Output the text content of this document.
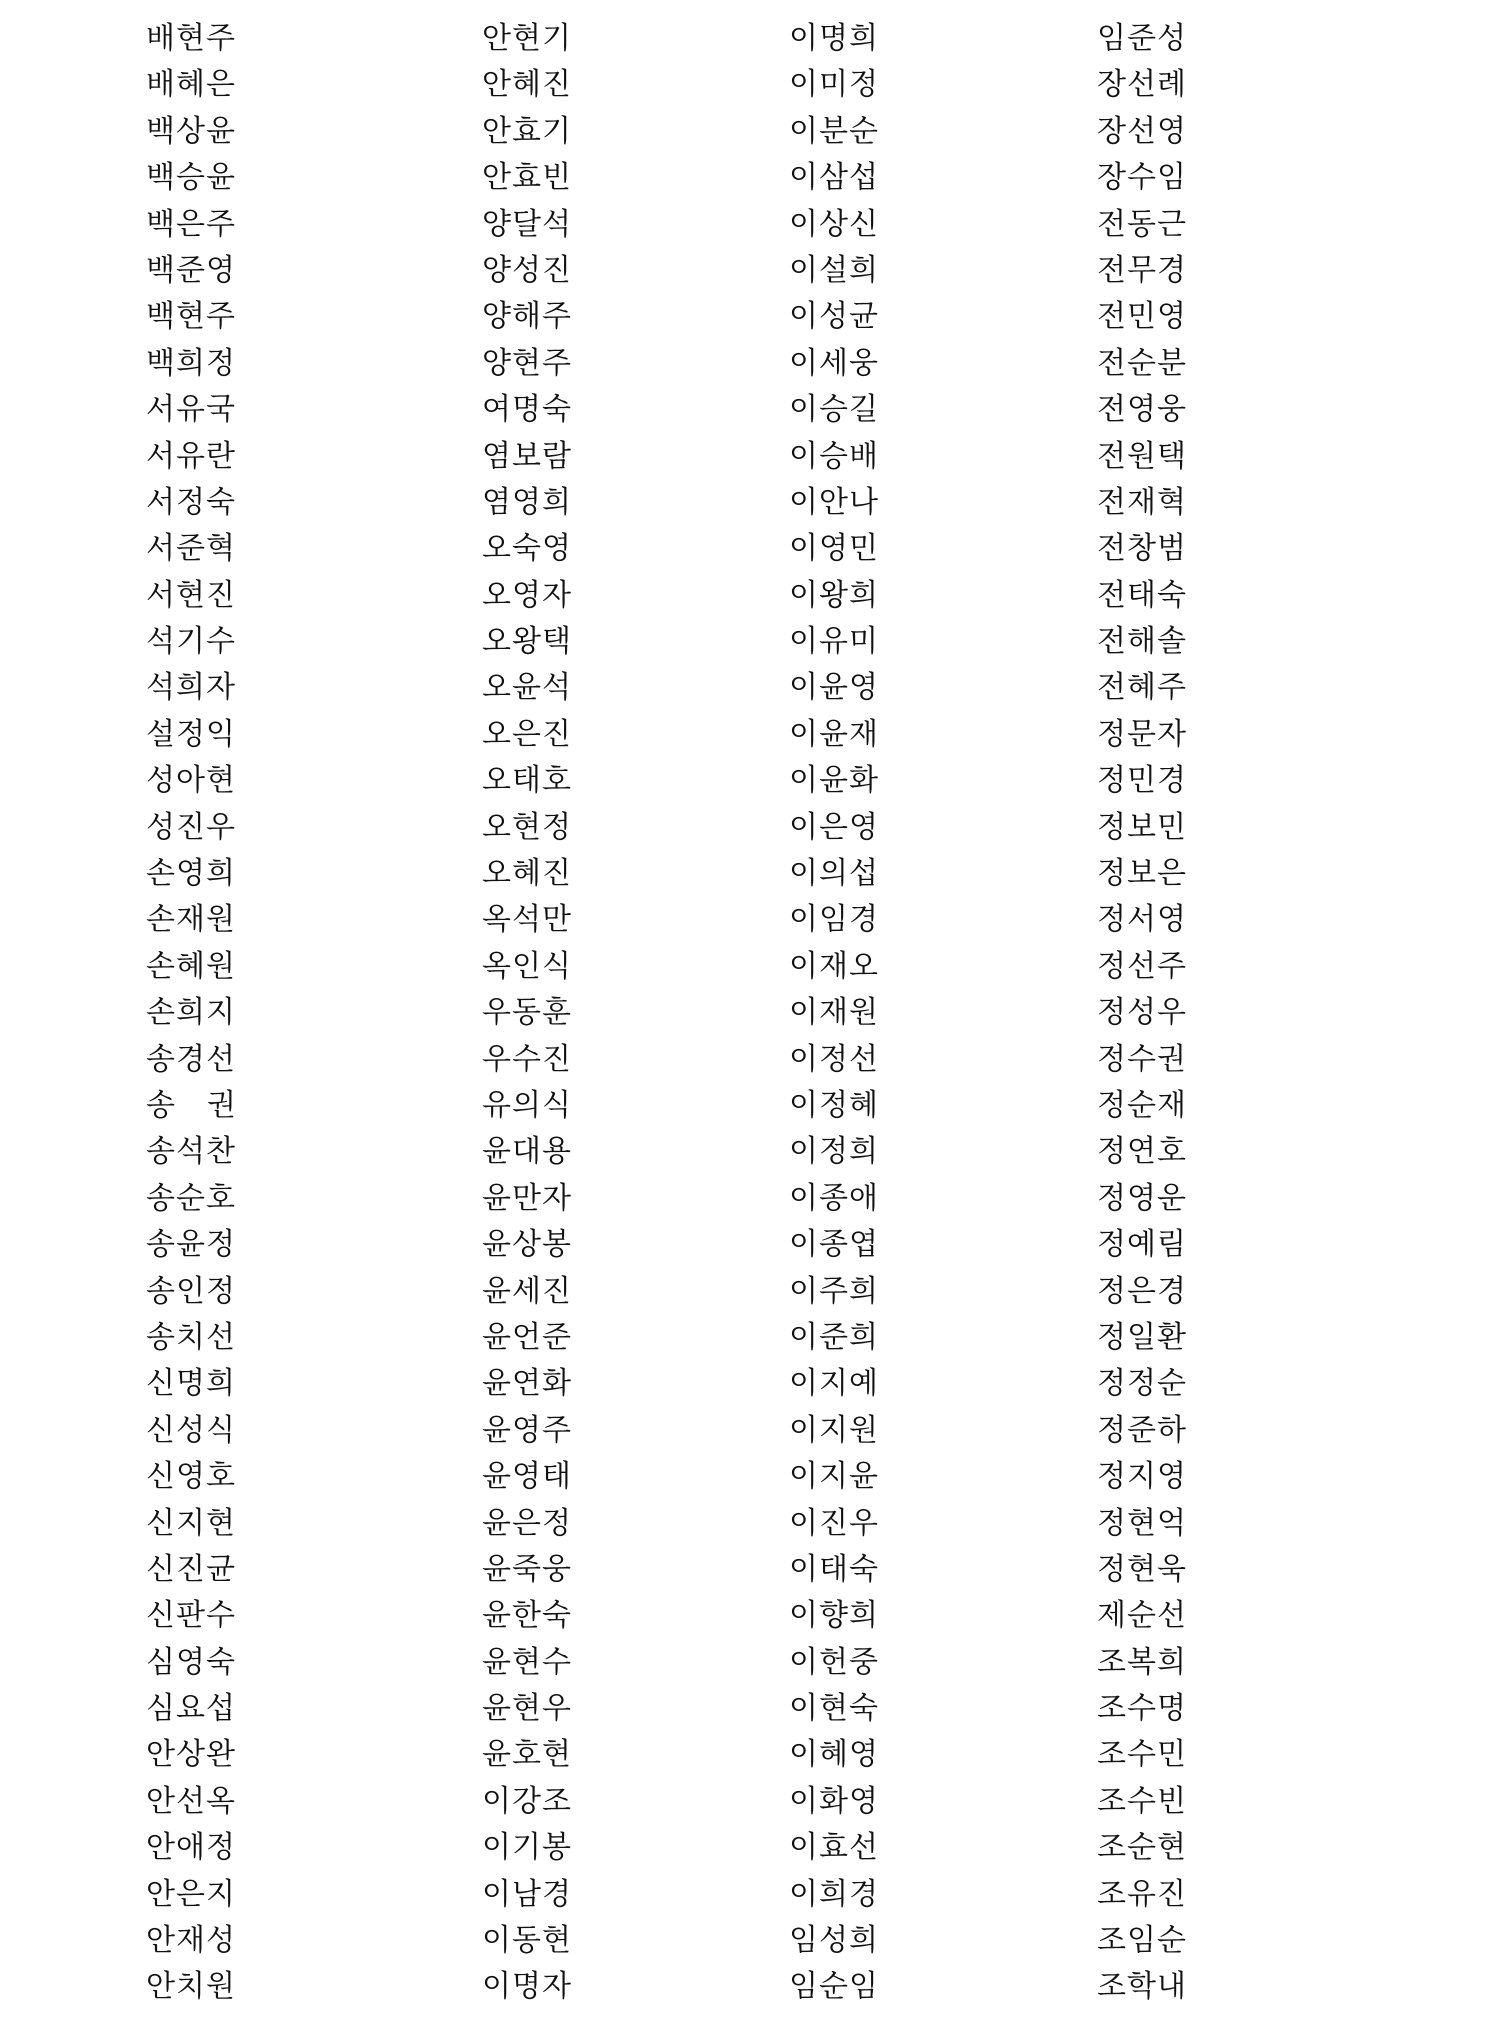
배현주	안현기	이명희	임준성
배혜은	안혜진	이미정	장선례
백상윤	안효기	이분순	장선영
백승윤	안효빈	이삼섭	장수임
백은주	양달석	이상신	전동근
백준영	양성진	이설희	전무경
백현주	양해주	이성균	전민영
백희정	양현주	이세웅	전순분
서유국	여명숙	이승길	전영웅
서유란	염보람	이승배	전원택
서정숙	염영희	이안나	전재혁
서준혁	오숙영	이영민	전창범
서현진	오영자	이왕희	전태숙
석기수	오왕택	이유미	전해솔
석희자	오윤석	이윤영	전혜주
설정익	오은진	이윤재	정문자
성아현	오태호	이윤화	정민경
성진우	오현정	이은영	정보민
손영희	오혜진	이의섭	정보은
손재원	옥석만	이임경	정서영
손혜원	옥인식	이재오	정선주
손희지	우동훈	이재원	정성우
송경선	우수진	이정선	정수권
송　권	유의식	이정혜	정순재
송석찬	윤대용	이정희	정연호
송순호	윤만자	이종애	정영운
송윤정	윤상봉	이종엽	정예림
송인정	윤세진	이주희	정은경
송치선	윤언준	이준희	정일환
신명희	윤연화	이지예	정정순
신성식	윤영주	이지원	정준하
신영호	윤영태	이지윤	정지영
신지현	윤은정	이진우	정현억
신진균	윤죽웅	이태숙	정현욱
신판수	윤한숙	이향희	제순선
심영숙	윤현수	이헌중	조복희
심요섭	윤현우	이현숙	조수명
안상완	윤호현	이혜영	조수민
안선옥	이강조	이화영	조수빈
안애정	이기봉	이효선	조순현
안은지	이남경	이희경	조유진
안재성	이동현	임성희	조임순
안치원	이명자	임순임	조학내
